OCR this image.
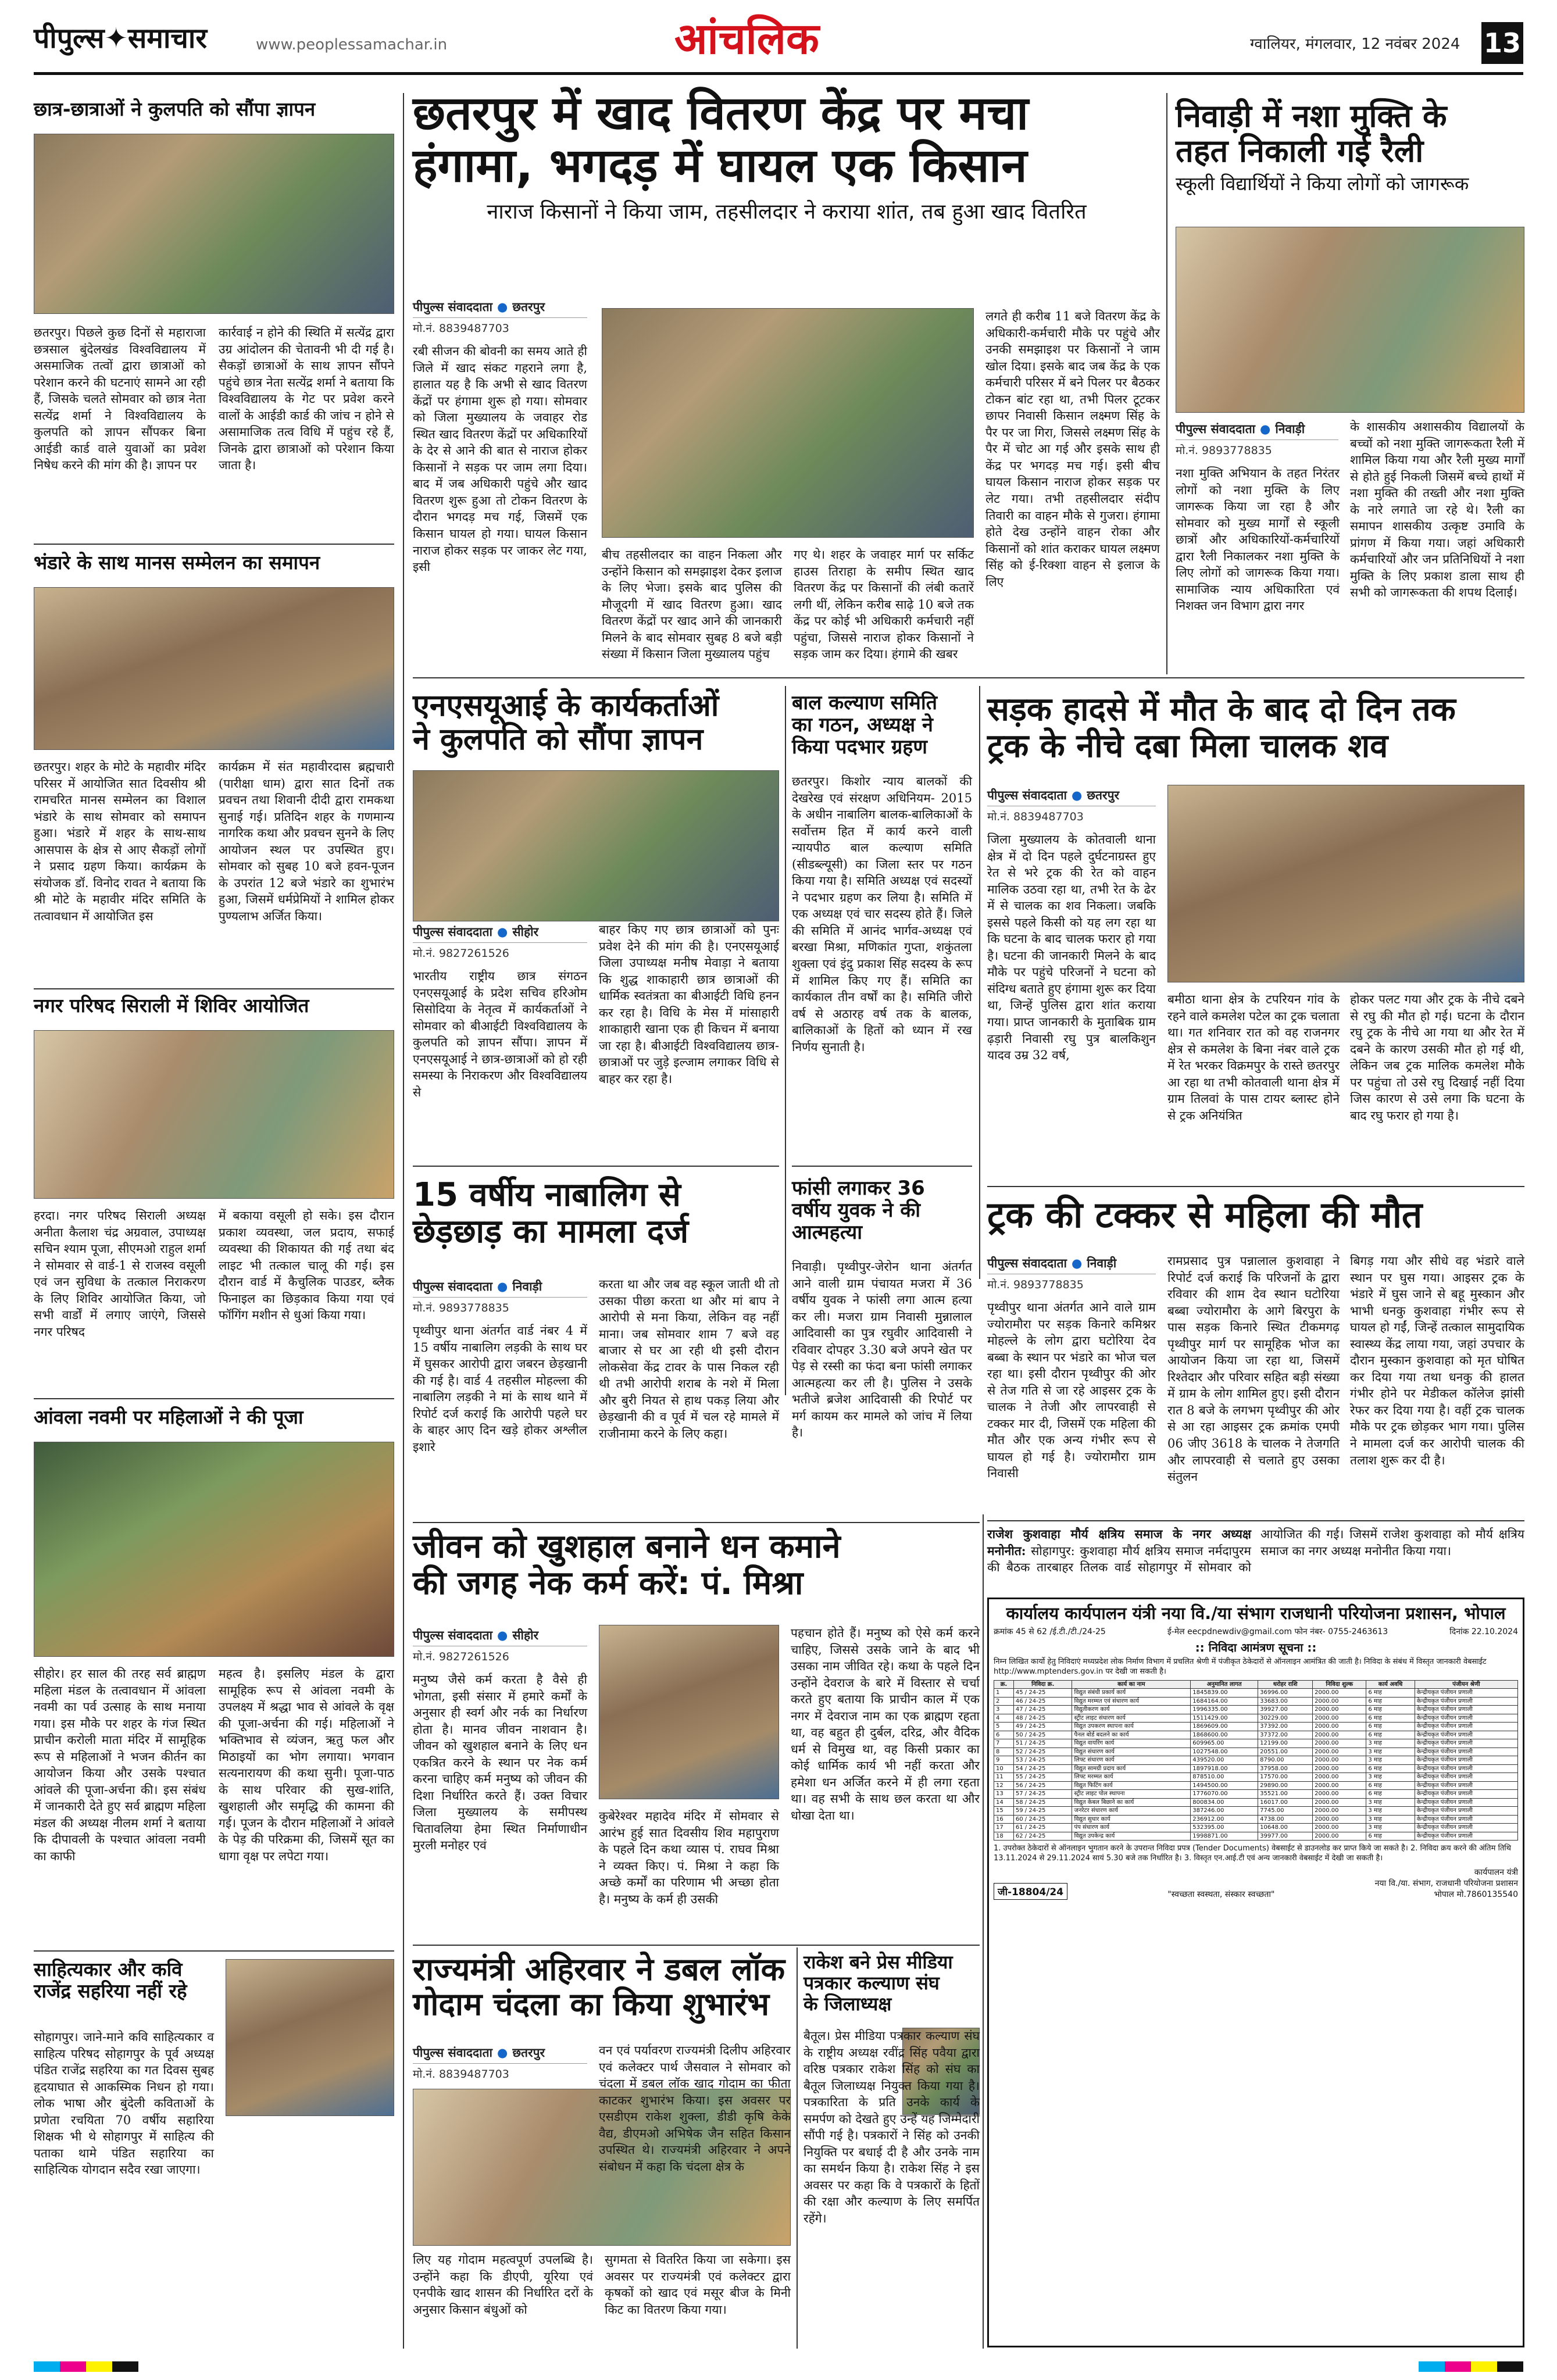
पीपुल्स✦समाचार	www.peoplessamachar.in	आंचलिक	ग्वालियर, मंगलवार, 12 नवंबर 2024 13
छात्र-छात्राओं ने कुलपति को सौंपा ज्ञापन
छतरपुर। पिछले कुछ दिनों से महाराजा छत्रसाल बुंदेलखंड विश्वविद्यालय में असमाजिक तत्वों द्वारा छात्राओं को परेशान करने की घटनाएं सामने आ रही हैं, जिसके चलते सोमवार को छात्र नेता सत्येंद्र शर्मा ने विश्वविद्यालय के कुलपति को ज्ञापन सौंपकर बिना आईडी कार्ड वाले युवाओं का प्रवेश निषेध करने की मांग की है। ज्ञापन पर
कार्रवाई न होने की स्थिति में सत्येंद्र द्वारा उग्र आंदोलन की चेतावनी भी दी गई है। सैकड़ों छात्राओं के साथ ज्ञापन सौंपने पहुंचे छात्र नेता सत्येंद्र शर्मा ने बताया कि विश्वविद्यालय के गेट पर प्रवेश करने वालों के आईडी कार्ड की जांच न होने से असामाजिक तत्व विधि में पहुंच रहे हैं, जिनके द्वारा छात्राओं को परेशान किया जाता है।
भंडारे के साथ मानस सम्मेलन का समापन
छतरपुर। शहर के मोटे के महावीर मंदिर परिसर में आयोजित सात दिवसीय श्री रामचरित मानस सम्मेलन का विशाल भंडारे के साथ सोमवार को समापन हुआ। भंडारे में शहर के साथ-साथ आसपास के क्षेत्र से आए सैकड़ों लोगों ने प्रसाद ग्रहण किया। कार्यक्रम के संयोजक डॉ. विनोद रावत ने बताया कि श्री मोटे के महावीर मंदिर समिति के तत्वावधान में आयोजित इस
कार्यक्रम में संत महावीरदास ब्रह्मचारी (पारीक्षा धाम) द्वारा सात दिनों तक प्रवचन तथा शिवानी दीदी द्वारा रामकथा सुनाई गई। प्रतिदिन शहर के गणमान्य नागरिक कथा और प्रवचन सुनने के लिए आयोजन स्थल पर उपस्थित हुए। सोमवार को सुबह 10 बजे हवन-पूजन के उपरांत 12 बजे भंडारे का शुभारंभ हुआ, जिसमें धर्मप्रेमियों ने शामिल होकर पुण्यलाभ अर्जित किया।
नगर परिषद सिराली में शिविर आयोजित
हरदा। नगर परिषद सिराली अध्यक्ष अनीता कैलाश चंद्र अग्रवाल, उपाध्यक्ष सचिन श्याम पूजा, सीएमओ राहुल शर्मा ने सोमवार से वार्ड-1 से राजस्व वसूली एवं जन सुविधा के तत्काल निराकरण के लिए शिविर आयोजित किया, जो सभी वार्डों में लगाए जाएंगे, जिससे नगर परिषद
में बकाया वसूली हो सके। इस दौरान प्रकाश व्यवस्था, जल प्रदाय, सफाई व्यवस्था की शिकायत की गई तथा बंद लाइट भी तत्काल चालू की गई। इस दौरान वार्ड में कैचुलिक पाउडर, ब्लैक फिनाइल का छिड़काव किया गया एवं फॉगिंग मशीन से धुआं किया गया।
आंवला नवमी पर महिलाओं ने की पूजा
सीहोर। हर साल की तरह सर्व ब्राह्मण महिला मंडल के तत्वावधान में आंवला नवमी का पर्व उत्साह के साथ मनाया गया। इस मौके पर शहर के गंज स्थित प्राचीन करोली माता मंदिर में सामूहिक रूप से महिलाओं ने भजन कीर्तन का आयोजन किया और उसके पश्चात आंवले की पूजा-अर्चना की। इस संबंध में जानकारी देते हुए सर्व ब्राह्मण महिला मंडल की अध्यक्ष नीलम शर्मा ने बताया कि दीपावली के पश्चात आंवला नवमी का काफी
महत्व है। इसलिए मंडल के द्वारा सामूहिक रूप से आंवला नवमी के उपलक्ष्य में श्रद्धा भाव से आंवले के वृक्ष की पूजा-अर्चना की गई। महिलाओं ने भक्तिभाव से व्यंजन, ऋतु फल और मिठाइयों का भोग लगाया। भगवान सत्यनारायण की कथा सुनी। पूजा-पाठ के साथ परिवार की सुख-शांति, खुशहाली और समृद्धि की कामना की गई। पूजन के दौरान महिलाओं ने आंवले के पेड़ की परिक्रमा की, जिसमें सूत का धागा वृक्ष पर लपेटा गया।
साहित्यकार और कवि राजेंद्र सहरिया नहीं रहे
सोहागपुर। जाने-माने कवि साहित्यकार व साहित्य परिषद सोहागपुर के पूर्व अध्यक्ष पंडित राजेंद्र सहरिया का गत दिवस सुबह हृदयाघात से आकस्मिक निधन हो गया। लोक भाषा और बुंदेली कविताओं के प्रणेता रचयिता 70 वर्षीय सहारिया शिक्षक भी थे सोहागपुर में साहित्य की पताका थामे पंडित सहारिया का साहित्यिक योगदान सदैव रखा जाएगा।
छतरपुर में खाद वितरण केंद्र पर मचा
हंगामा, भगदड़ में घायल एक किसान
नाराज किसानों ने किया जाम, तहसीलदार ने कराया शांत, तब हुआ खाद वितरित
पीपुल्स संवाददाता ● छतरपुर
मो.नं. 8839487703
रबी सीजन की बोवनी का समय आते ही जिले में खाद संकट गहराने लगा है, हालात यह है कि अभी से खाद वितरण केंद्रों पर हंगामा शुरू हो गया। सोमवार को जिला मुख्यालय के जवाहर रोड स्थित खाद वितरण केंद्रों पर अधिकारियों के देर से आने की बात से नाराज होकर किसानों ने सड़क पर जाम लगा दिया। बाद में जब अधिकारी पहुंचे और खाद वितरण शुरू हुआ तो टोकन वितरण के दौरान भगदड़ मच गई, जिसमें एक किसान घायल हो गया। घायल किसान नाराज होकर सड़क पर जाकर लेट गया, इसी
बीच तहसीलदार का वाहन निकला और उन्होंने किसान को समझाइश देकर इलाज के लिए भेजा। इसके बाद पुलिस की मौजूदगी में खाद वितरण हुआ। खाद वितरण केंद्रों पर खाद आने की जानकारी मिलने के बाद सोमवार सुबह 8 बजे बड़ी संख्या में किसान जिला मुख्यालय पहुंच
गए थे। शहर के जवाहर मार्ग पर सर्किट हाउस तिराहा के समीप स्थित खाद वितरण केंद्र पर किसानों की लंबी कतारें लगी थीं, लेकिन करीब साढ़े 10 बजे तक केंद्र पर कोई भी अधिकारी कर्मचारी नहीं पहुंचा, जिससे नाराज होकर किसानों ने सड़क जाम कर दिया। हंगामे की खबर
लगते ही करीब 11 बजे वितरण केंद्र के अधिकारी-कर्मचारी मौके पर पहुंचे और उनकी समझाइश पर किसानों ने जाम खोल दिया। इसके बाद जब केंद्र के एक कर्मचारी परिसर में बने पिलर पर बैठकर टोकन बांट रहा था, तभी पिलर टूटकर छापर निवासी किसान लक्ष्मण सिंह के पैर पर जा गिरा, जिससे लक्ष्मण सिंह के पैर में चोट आ गई और इसके साथ ही केंद्र पर भगदड़ मच गई। इसी बीच घायल किसान नाराज होकर सड़क पर लेट गया। तभी तहसीलदार संदीप तिवारी का वाहन मौके से गुजरा। हंगामा होते देख उन्होंने वाहन रोका और किसानों को शांत कराकर घायल लक्ष्मण सिंह को ई-रिक्शा वाहन से इलाज के लिए
निवाड़ी में नशा मुक्ति के
तहत निकाली गई रैली
स्कूली विद्यार्थियों ने किया लोगों को जागरूक
पीपुल्स संवाददाता ● निवाड़ी
मो.नं. 9893778835
नशा मुक्ति अभियान के तहत निरंतर लोगों को नशा मुक्ति के लिए जागरूक किया जा रहा है और सोमवार को मुख्य मार्गों से स्कूली छात्रों और अधिकारियों-कर्मचारियों द्वारा रैली निकालकर नशा मुक्ति के लिए लोगों को जागरूक किया गया। सामाजिक न्याय अधिकारिता एवं निशक्त जन विभाग द्वारा नगर
के शासकीय अशासकीय विद्यालयों के बच्चों को नशा मुक्ति जागरूकता रैली में शामिल किया गया और रैली मुख्य मार्गों से होते हुई निकली जिसमें बच्चे हाथों में नशा मुक्ति की तख्ती और नशा मुक्ति के नारे लगाते जा रहे थे। रैली का समापन शासकीय उत्कृष्ट उमावि के प्रांगण में किया गया। जहां अधिकारी कर्मचारियों और जन प्रतिनिधियों ने नशा मुक्ति के लिए प्रकाश डाला साथ ही सभी को जागरूकता की शपथ दिलाई।
एनएसयूआई के कार्यकर्ताओं
ने कुलपति को सौंपा ज्ञापन
पीपुल्स संवाददाता ● सीहोर
मो.नं. 9827261526
भारतीय राष्ट्रीय छात्र संगठन एनएसयूआई के प्रदेश सचिव हरिओम सिसोदिया के नेतृत्व में कार्यकर्ताओं ने सोमवार को बीआईटी विश्वविद्यालय के कुलपति को ज्ञापन सौंपा। ज्ञापन में एनएसयूआई ने छात्र-छात्राओं को हो रही समस्या के निराकरण और विश्वविद्यालय से
बाहर किए गए छात्र छात्राओं को पुनः प्रवेश देने की मांग की है। एनएसयूआई जिला उपाध्यक्ष मनीष मेवाड़ा ने बताया कि शुद्ध शाकाहारी छात्र छात्राओं की धार्मिक स्वतंत्रता का बीआईटी विधि हनन कर रहा है। विधि के मेस में मांसाहारी शाकाहारी खाना एक ही किचन में बनाया जा रहा है। बीआईटी विश्वविद्यालय छात्र-छात्राओं पर जुड़े इल्जाम लगाकर विधि से बाहर कर रहा है।
बाल कल्याण समिति
का गठन, अध्यक्ष ने
किया पदभार ग्रहण
छतरपुर। किशोर न्याय बालकों की देखरेख एवं संरक्षण अधिनियम- 2015 के अधीन नाबालिग बालक-बालिकाओं के सर्वोत्तम हित में कार्य करने वाली न्यायपीठ बाल कल्याण समिति (सीडब्ल्यूसी) का जिला स्तर पर गठन किया गया है। समिति अध्यक्ष एवं सदस्यों ने पदभार ग्रहण कर लिया है। समिति में एक अध्यक्ष एवं चार सदस्य होते हैं। जिले की समिति में आनंद भार्गव-अध्यक्ष एवं बरखा मिश्रा, मणिकांत गुप्ता, शकुंतला शुक्ला एवं इंदु प्रकाश सिंह सदस्य के रूप में शामिल किए गए हैं। समिति का कार्यकाल तीन वर्षों का है। समिति जीरो वर्ष से अठारह वर्ष तक के बालक, बालिकाओं के हितों को ध्यान में रख निर्णय सुनाती है।
सड़क हादसे में मौत के बाद दो दिन तक
ट्रक के नीचे दबा मिला चालक शव
पीपुल्स संवाददाता ● छतरपुर
मो.नं. 8839487703
जिला मुख्यालय के कोतवाली थाना क्षेत्र में दो दिन पहले दुर्घटनाग्रस्त हुए रेत से भरे ट्रक की रेत को वाहन मालिक उठवा रहा था, तभी रेत के ढेर में से चालक का शव निकला। जबकि इससे पहले किसी को यह लग रहा था कि घटना के बाद चालक फरार हो गया है। घटना की जानकारी मिलने के बाद मौके पर पहुंचे परिजनों ने घटना को संदिग्ध बताते हुए हंगामा शुरू कर दिया था, जिन्हें पुलिस द्वारा शांत कराया गया। प्राप्त जानकारी के मुताबिक ग्राम ढ़ड़ारी निवासी रघु पुत्र बालकिशुन यादव उम्र 32 वर्ष,
बमीठा थाना क्षेत्र के टपरियन गांव के रहने वाले कमलेश पटेल का ट्रक चलाता था। गत शनिवार रात को वह राजनगर क्षेत्र से कमलेश के बिना नंबर वाले ट्रक में रेत भरकर विक्रमपुर के रास्ते छतरपुर आ रहा था तभी कोतवाली थाना क्षेत्र में ग्राम तिलवां के पास टायर ब्लास्ट होने से ट्रक अनियंत्रित
होकर पलट गया और ट्रक के नीचे दबने से रघु की मौत हो गई। घटना के दौरान रघु ट्रक के नीचे आ गया था और रेत में दबने के कारण उसकी मौत हो गई थी, लेकिन जब ट्रक मालिक कमलेश मौके पर पहुंचा तो उसे रघु दिखाई नहीं दिया जिस कारण से उसे लगा कि घटना के बाद रघु फरार हो गया है।
15 वर्षीय नाबालिग से
छेड़छाड़ का मामला दर्ज
पीपुल्स संवाददाता ● निवाड़ी
मो.नं. 9893778835
पृथ्वीपुर थाना अंतर्गत वार्ड नंबर 4 में 15 वर्षीय नाबालिग लड़की के साथ घर में घुसकर आरोपी द्वारा जबरन छेड़खानी की गई है। वार्ड 4 तहसील मोहल्ला की नाबालिग लड़की ने मां के साथ थाने में रिपोर्ट दर्ज कराई कि आरोपी पहले घर के बाहर आए दिन खड़े होकर अश्लील इशारे
करता था और जब वह स्कूल जाती थी तो उसका पीछा करता था और मां बाप ने आरोपी से मना किया, लेकिन वह नहीं माना। जब सोमवार शाम 7 बजे वह बाजार से घर आ रही थी इसी दौरान लोकसेवा केंद्र टावर के पास निकल रही थी तभी आरोपी शराब के नशे में मिला और बुरी नियत से हाथ पकड़ लिया और छेड़खानी की व पूर्व में चल रहे मामले में राजीनामा करने के लिए कहा।
फांसी लगाकर 36
वर्षीय युवक ने की
आत्महत्या
निवाड़ी। पृथ्वीपुर-जेरोन थाना अंतर्गत आने वाली ग्राम पंचायत मजरा में 36 वर्षीय युवक ने फांसी लगा आत्म हत्या कर ली। मजरा ग्राम निवासी मुन्नालाल आदिवासी का पुत्र रघुवीर आदिवासी ने रविवार दोपहर 3.30 बजे अपने खेत पर पेड़ से रस्सी का फंदा बना फांसी लगाकर आत्महत्या कर ली है। पुलिस ने उसके भतीजे ब्रजेश आदिवासी की रिपोर्ट पर मर्ग कायम कर मामले को जांच में लिया है।
ट्रक की टक्कर से महिला की मौत
पीपुल्स संवाददाता ● निवाड़ी
मो.नं. 9893778835
पृथ्वीपुर थाना अंतर्गत आने वाले ग्राम ज्योरामौरा पर सड़क किनारे कमिश्नर मोहल्ले के लोग द्वारा घटोरिया देव बब्बा के स्थान पर भंडारे का भोज चल रहा था। इसी दौरान पृथ्वीपुर की ओर से तेज गति से जा रहे आइसर ट्रक के चालक ने तेजी और लापरवाही से टक्कर मार दी, जिसमें एक महिला की मौत और एक अन्य गंभीर रूप से घायल हो गई है। ज्योरामौरा ग्राम निवासी
रामप्रसाद पुत्र पन्नालाल कुशवाहा ने रिपोर्ट दर्ज कराई कि परिजनों के द्वारा रविवार की शाम देव स्थान घटोरिया बब्बा ज्योरामौरा के आगे बिरपुरा के पास सड़क किनारे स्थित टीकमगढ़ पृथ्वीपुर मार्ग पर सामूहिक भोज का आयोजन किया जा रहा था, जिसमें रिश्तेदार और परिवार सहित बड़ी संख्या में ग्राम के लोग शामिल हुए। इसी दौरान रात 8 बजे के लगभग पृथ्वीपुर की ओर से आ रहा आइसर ट्रक क्रमांक एमपी 06 जीए 3618 के चालक ने तेजगति और लापरवाही से चलाते हुए उसका संतुलन
बिगड़ गया और सीधे वह भंडारे वाले स्थान पर घुस गया। आइसर ट्रक के भंडारे में घुस जाने से बहू मुस्कान और भाभी धनकु कुशवाहा गंभीर रूप से घायल हो गईं, जिन्हें तत्काल सामुदायिक स्वास्थ्य केंद्र लाया गया, जहां उपचार के दौरान मुस्कान कुशवाहा को मृत घोषित कर दिया गया तथा धनकु की हालत गंभीर होने पर मेडीकल कॉलेज झांसी रेफर कर दिया गया है। वहीं ट्रक चालक मौके पर ट्रक छोड़कर भाग गया। पुलिस ने मामला दर्ज कर आरोपी चालक की तलाश शुरू कर दी है।
राजेश कुशवाहा मौर्य क्षत्रिय समाज के नगर अध्यक्ष मनोनीत: सोहागपुर: कुशवाहा मौर्य क्षत्रिय समाज नर्मदापुरम की बैठक तारबाहर तिलक वार्ड सोहागपुर में सोमवार को आयोजित की गई। जिसमें राजेश कुशवाहा को मौर्य क्षत्रिय समाज का नगर अध्यक्ष मनोनीत किया गया।
जीवन को खुशहाल बनाने धन कमाने
की जगह नेक कर्म करें: पं. मिश्रा
पीपुल्स संवाददाता ● सीहोर
मो.नं. 9827261526
मनुष्य जैसे कर्म करता है वैसे ही भोगता, इसी संसार में हमारे कर्मों के अनुसार ही स्वर्ग और नर्क का निर्धारण होता है। मानव जीवन नाशवान है। जीवन को खुशहाल बनाने के लिए धन एकत्रित करने के स्थान पर नेक कर्म करना चाहिए कर्म मनुष्य को जीवन की दिशा निर्धारित करते हैं। उक्त विचार जिला मुख्यालय के समीपस्थ चितावलिया हेमा स्थित निर्माणाधीन मुरली मनोहर एवं
कुबेरेश्वर महादेव मंदिर में सोमवार से आरंभ हुई सात दिवसीय शिव महापुराण के पहले दिन कथा व्यास पं. राघव मिश्रा ने व्यक्त किए। पं. मिश्रा ने कहा कि अच्छे कर्मों का परिणाम भी अच्छा होता है। मनुष्य के कर्म ही उसकी
पहचान होते हैं। मनुष्य को ऐसे कर्म करने चाहिए, जिससे उसके जाने के बाद भी उसका नाम जीवित रहे। कथा के पहले दिन उन्होंने देवराज के बारे में विस्तार से चर्चा करते हुए बताया कि प्राचीन काल में एक नगर में देवराज नाम का एक ब्राह्मण रहता था, वह बहुत ही दुर्बल, दरिद्र, और वैदिक धर्म से विमुख था, वह किसी प्रकार का कोई धार्मिक कार्य भी नहीं करता और हमेशा धन अर्जित करने में ही लगा रहता था। वह सभी के साथ छल करता था और धोखा देता था।
राज्यमंत्री अहिरवार ने डबल लॉक
गोदाम चंदला का किया शुभारंभ
पीपुल्स संवाददाता ● छतरपुर
मो.नं. 8839487703
वन एवं पर्यावरण राज्यमंत्री दिलीप अहिरवार एवं कलेक्टर पार्थ जैसवाल ने सोमवार को चंदला में डबल लॉक खाद गोदाम का फीता काटकर शुभारंभ किया। इस अवसर पर एसडीएम राकेश शुक्ला, डीडी कृषि केके वैद्य, डीएमओ अभिषेक जैन सहित किसान उपस्थित थे। राज्यमंत्री अहिरवार ने अपने संबोधन में कहा कि चंदला क्षेत्र के
लिए यह गोदाम महत्वपूर्ण उपलब्धि है। उन्होंने कहा कि डीएपी, यूरिया एवं एनपीके खाद शासन की निर्धारित दरों के अनुसार किसान बंधुओं को
सुगमता से वितरित किया जा सकेगा। इस अवसर पर राज्यमंत्री एवं कलेक्टर द्वारा कृषकों को खाद एवं मसूर बीज के मिनी किट का वितरण किया गया।
राकेश बने प्रेस मीडिया
पत्रकार कल्याण संघ
के जिलाध्यक्ष
बैतूल। प्रेस मीडिया पत्रकार कल्याण संघ के राष्ट्रीय अध्यक्ष रवींद्र सिंह पवैया द्वारा वरिष्ठ पत्रकार राकेश सिंह को संघ का बैतूल जिलाध्यक्ष नियुक्त किया गया है। पत्रकारिता के प्रति उनके कार्य के समर्पण को देखते हुए उन्हें यह जिम्मेदारी सौंपी गई है। पत्रकारों ने सिंह को उनकी नियुक्ति पर बधाई दी है और उनके नाम का समर्थन किया है। राकेश सिंह ने इस अवसर पर कहा कि वे पत्रकारों के हितों की रक्षा और कल्याण के लिए समर्पित रहेंगे।
कार्यालय कार्यपालन यंत्री नया वि./या संभाग राजधानी परियोजना प्रशासन, भोपाल
क्रमांक 45 से 62 /ई.टी./टी./24-25	ई-मेल eecpdnewdiv@gmail.com फोन नंबर- 0755-2463613	दिनांक 22.10.2024
:: निविदा आमंत्रण सूचना ::
निम्न लिखित कार्यो हेतु निविदाएं मध्यप्रदेश लोक निर्माण विभाग में प्रचलित श्रेणी में पंजीकृत ठेकेदारों से ऑनलाइन आमंत्रित की जाती है। निविदा के संबंध में विस्तृत जानकारी वेबसाईट http://www.mptenders.gov.in पर देखी जा सकती है।
क्र.	निविदा क्र.	कार्य का नाम	अनुमानित लागत	धरोहर राशि	निविदा शुल्क	कार्य अवधि	पंजीयन श्रेणी
1	45 / 24-25	विद्युत संबंधी प्रकार्य कार्य	1845839.00	36996.00	2000.00	6 माह	केन्द्रीयकृत पंजीयन प्रणाली
2	46 / 24-25	विद्युत मरम्मत एवं संधारण कार्य	1684164.00	33683.00	2000.00	6 माह	केन्द्रीयकृत पंजीयन प्रणाली
3	47 / 24-25	विद्युतीकरण कार्य	1996335.00	39927.00	2000.00	6 माह	केन्द्रीयकृत पंजीयन प्रणाली
4	48 / 24-25	स्ट्रीट लाइट संधारण कार्य	1511429.00	30229.00	2000.00	6 माह	केन्द्रीयकृत पंजीयन प्रणाली
5	49 / 24-25	विद्युत उपकरण स्थापना कार्य	1869609.00	37392.00	2000.00	6 माह	केन्द्रीयकृत पंजीयन प्रणाली
6	50 / 24-25	पैनल बोर्ड बदलने का कार्य	1868600.00	37372.00	2000.00	6 माह	केन्द्रीयकृत पंजीयन प्रणाली
7	51 / 24-25	विद्युत वायरिंग कार्य	609965.00	12199.00	2000.00	3 माह	केन्द्रीयकृत पंजीयन प्रणाली
8	52 / 24-25	विद्युत संधारण कार्य	1027548.00	20551.00	2000.00	3 माह	केन्द्रीयकृत पंजीयन प्रणाली
9	53 / 24-25	लिफ्ट संधारण कार्य	439520.00	8790.00	2000.00	3 माह	केन्द्रीयकृत पंजीयन प्रणाली
10	54 / 24-25	विद्युत सामग्री प्रदाय कार्य	1897918.00	37958.00	2000.00	6 माह	केन्द्रीयकृत पंजीयन प्रणाली
11	55 / 24-25	लिफ्ट मरम्मत कार्य	878510.00	17570.00	2000.00	3 माह	केन्द्रीयकृत पंजीयन प्रणाली
12	56 / 24-25	विद्युत फिटिंग कार्य	1494500.00	29890.00	2000.00	6 माह	केन्द्रीयकृत पंजीयन प्रणाली
13	57 / 24-25	स्ट्रीट लाइट पोल स्थापना	1776070.00	35521.00	2000.00	6 माह	केन्द्रीयकृत पंजीयन प्रणाली
14	58 / 24-25	विद्युत केबल बिछाने का कार्य	800834.00	16017.00	2000.00	3 माह	केन्द्रीयकृत पंजीयन प्रणाली
15	59 / 24-25	जनरेटर संधारण कार्य	387246.00	7745.00	2000.00	3 माह	केन्द्रीयकृत पंजीयन प्रणाली
16	60 / 24-25	विद्युत सुधार कार्य	236912.00	4738.00	2000.00	3 माह	केन्द्रीयकृत पंजीयन प्रणाली
17	61 / 24-25	पंप संधारण कार्य	532395.00	10648.00	2000.00	3 माह	केन्द्रीयकृत पंजीयन प्रणाली
18	62 / 24-25	विद्युत उपकेन्द्र कार्य	1998871.00	39977.00	2000.00	6 माह	केन्द्रीयकृत पंजीयन प्रणाली
1. उपरोक्त ठेकेदारों से ऑनलाइन भुगतान करने के उपरान्त निविदा प्रपत्र (Tender Documents) वेबसाईट से डाउनलोड कर प्राप्त किये जा सकते है। 2. निविदा क्रय करने की अंतिम तिथि 13.11.2024 से 29.11.2024 सायं 5.30 बजे तक निर्धारित है। 3. विस्तृत एन.आई.टी एवं अन्य जानकारी वेबसाईट में देखी जा सकती है।
जी-18804/24	"स्वच्छता स्वस्थता, संस्कार स्वच्छता"
कार्यपालन यंत्री
नया वि./या. संभाग, राजधानी परियोजना प्रशासन
भोपाल मो.7860135540
